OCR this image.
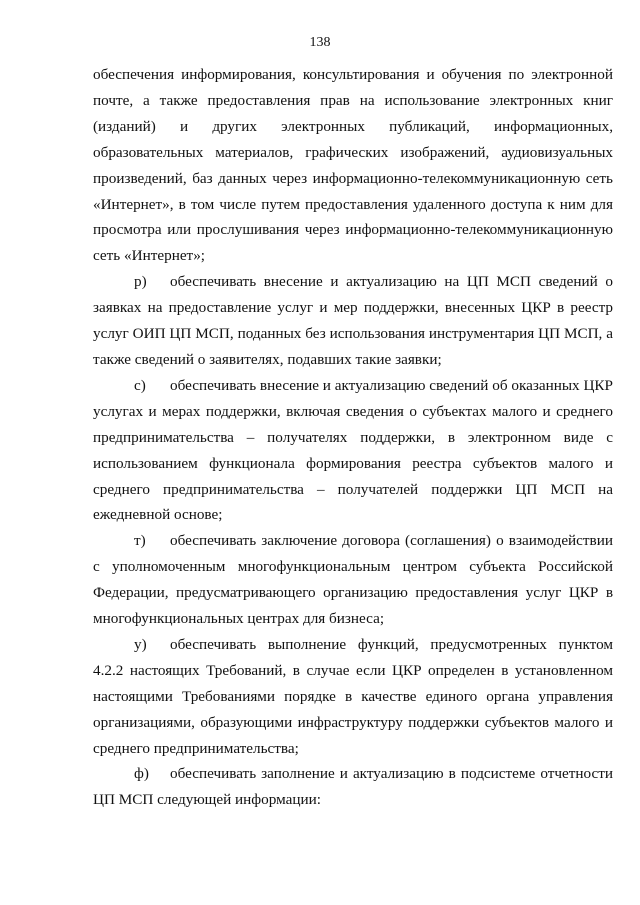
138

обеспечения информирования, консультирования и обучения по электронной почте, а также предоставления прав на использование электронных книг (изданий) и других электронных публикаций, информационных, образовательных материалов, графических изображений, аудиовизуальных произведений, баз данных через информационно-телекоммуникационную сеть «Интернет», в том числе путем предоставления удаленного доступа к ним для просмотра или прослушивания через информационно-телекоммуникационную сеть «Интернет»;

р) обеспечивать внесение и актуализацию на ЦП МСП сведений о заявках на предоставление услуг и мер поддержки, внесенных ЦКР в реестр услуг ОИП ЦП МСП, поданных без использования инструментария ЦП МСП, а также сведений о заявителях, подавших такие заявки;

с) обеспечивать внесение и актуализацию сведений об оказанных ЦКР услугах и мерах поддержки, включая сведения о субъектах малого и среднего предпринимательства – получателях поддержки, в электронном виде с использованием функционала формирования реестра субъектов малого и среднего предпринимательства – получателей поддержки ЦП МСП на ежедневной основе;

т) обеспечивать заключение договора (соглашения) о взаимодействии с уполномоченным многофункциональным центром субъекта Российской Федерации, предусматривающего организацию предоставления услуг ЦКР в многофункциональных центрах для бизнеса;

у) обеспечивать выполнение функций, предусмотренных пунктом 4.2.2 настоящих Требований, в случае если ЦКР определен в установленном настоящими Требованиями порядке в качестве единого органа управления организациями, образующими инфраструктуру поддержки субъектов малого и среднего предпринимательства;

ф) обеспечивать заполнение и актуализацию в подсистеме отчетности ЦП МСП следующей информации:
